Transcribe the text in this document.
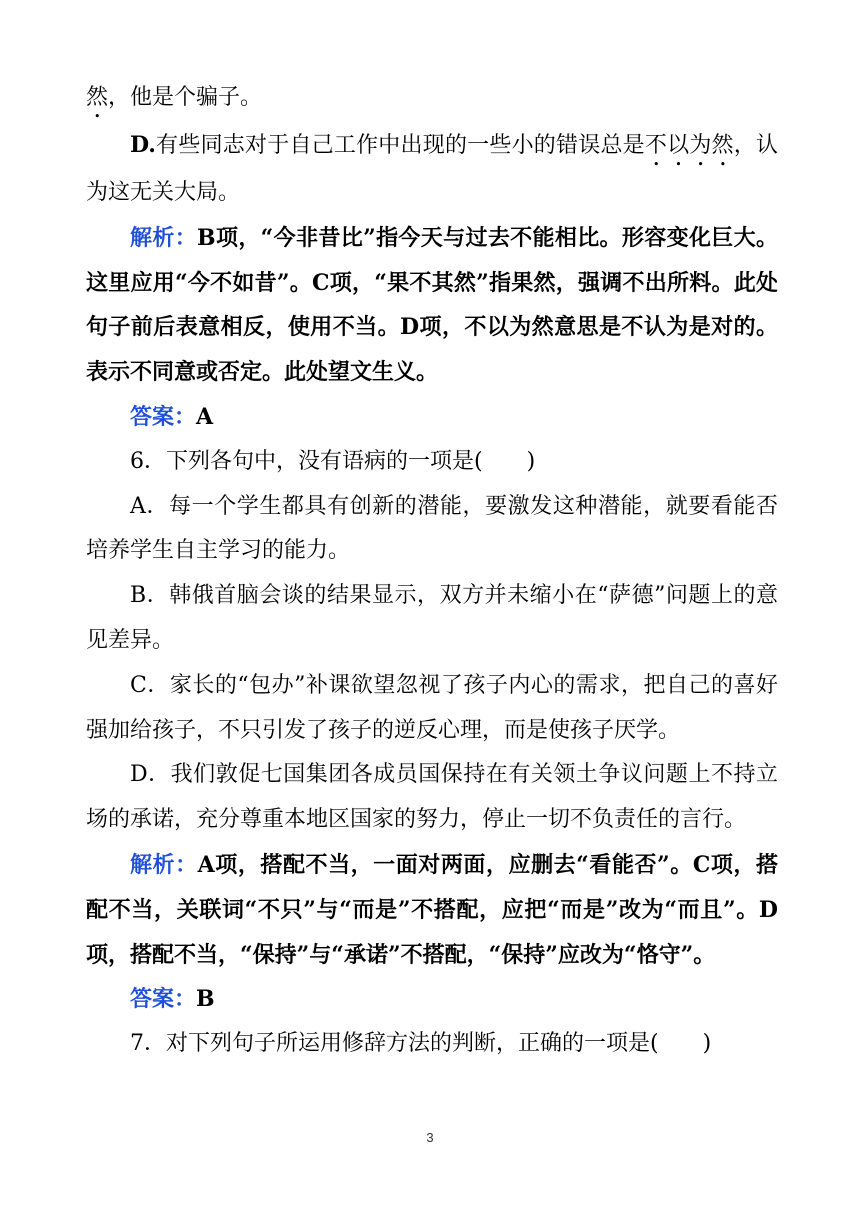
然，他是个骗子。

D.有些同志对于自己工作中出现的一些小的错误总是不以为然，认为这无关大局。

解析：B项，“今非昔比”指今天与过去不能相比。形容变化巨大。这里应用“今不如昔”。C项，“果不其然”指果然，强调不出所料。此处句子前后表意相反，使用不当。D项，不以为然意思是不认为是对的。表示不同意或否定。此处望文生义。

答案：A

6．下列各句中，没有语病的一项是(　　)

A．每一个学生都具有创新的潜能，要激发这种潜能，就要看能否培养学生自主学习的能力。

B．韩俄首脑会谈的结果显示，双方并未缩小在“萨德”问题上的意见差异。

C．家长的“包办”补课欲望忽视了孩子内心的需求，把自己的喜好强加给孩子，不只引发了孩子的逆反心理，而是使孩子厌学。

D．我们敦促七国集团各成员国保持在有关领土争议问题上不持立场的承诺，充分尊重本地区国家的努力，停止一切不负责任的言行。

解析：A项，搭配不当，一面对两面，应删去“看能否”。C项，搭配不当，关联词“不只”与“而是”不搭配，应把“而是”改为“而且”。D项，搭配不当，“保持”与“承诺”不搭配，“保持”应改为“恪守”。

答案：B

7．对下列句子所运用修辞方法的判断，正确的一项是(　　)

3
